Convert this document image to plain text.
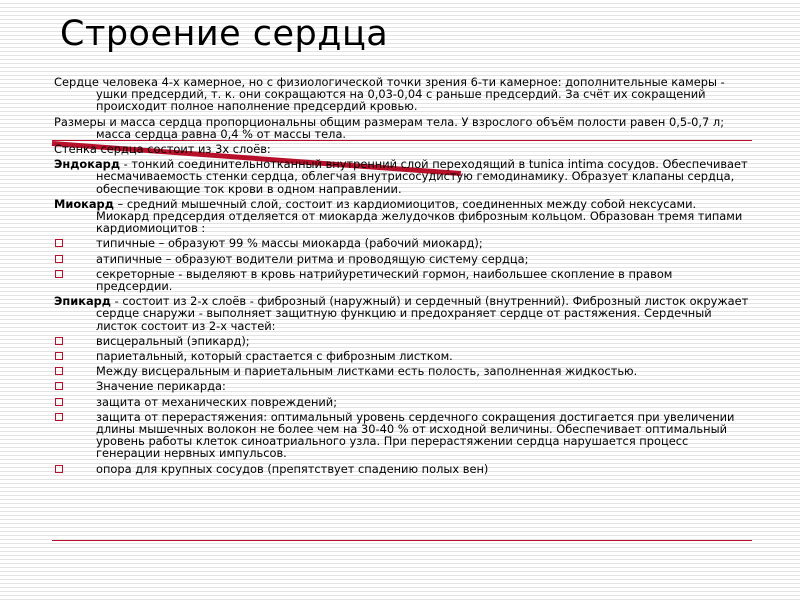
Строение сердца

Сердце человека 4-х камерное, но с физиологической точки зрения 6-ти камерное: дополнительные камеры - ушки предсердий, т. к. они сокращаются на 0,03-0,04 с раньше предсердий. За счёт их сокращений происходит полное наполнение предсердий кровью.

Размеры и масса сердца пропорциональны общим размерам тела. У взрослого объём полости равен 0,5-0,7 л; масса сердца равна 0,4 % от массы тела.

Стенка сердца состоит из 3х слоёв:

Эндокард - тонкий соединительнотканный внутренний слой переходящий в tunica intima сосудов. Обеспечивает несмачиваемость стенки сердца, облегчая внутрисосудистую гемодинамику. Образует клапаны сердца, обеспечивающие ток крови в одном направлении.

Миокард – средний мышечный слой, состоит из кардиомиоцитов, соединенных между собой нексусами. Миокард предсердия отделяется от миокарда желудочков фиброзным кольцом. Образован тремя типами кардиомиоцитов :

типичные – образуют 99 % массы миокарда (рабочий миокард);
атипичные – образуют водители ритма и проводящую систему сердца;
секреторные - выделяют в кровь натрийуретический гормон, наибольшее скопление в правом предсердии.

Эпикард - состоит из 2-х слоёв - фиброзный (наружный) и сердечный (внутренний). Фиброзный листок окружает сердце снаружи - выполняет защитную функцию и предохраняет сердце от растяжения. Сердечный листок состоит из 2-х частей:

висцеральный (эпикард);
париетальный, который срастается с фиброзным листком.
Между висцеральным и париетальным листками есть полость, заполненная жидкостью.
Значение перикарда:
защита от механических повреждений;
защита от перерастяжения: оптимальный уровень сердечного сокращения достигается при увеличении длины мышечных волокон не более чем на 30-40 % от исходной величины. Обеспечивает оптимальный уровень работы клеток синоатриального узла. При перерастяжении сердца нарушается процесс генерации нервных импульсов.
опора для крупных сосудов (препятствует спадению полых вен)
